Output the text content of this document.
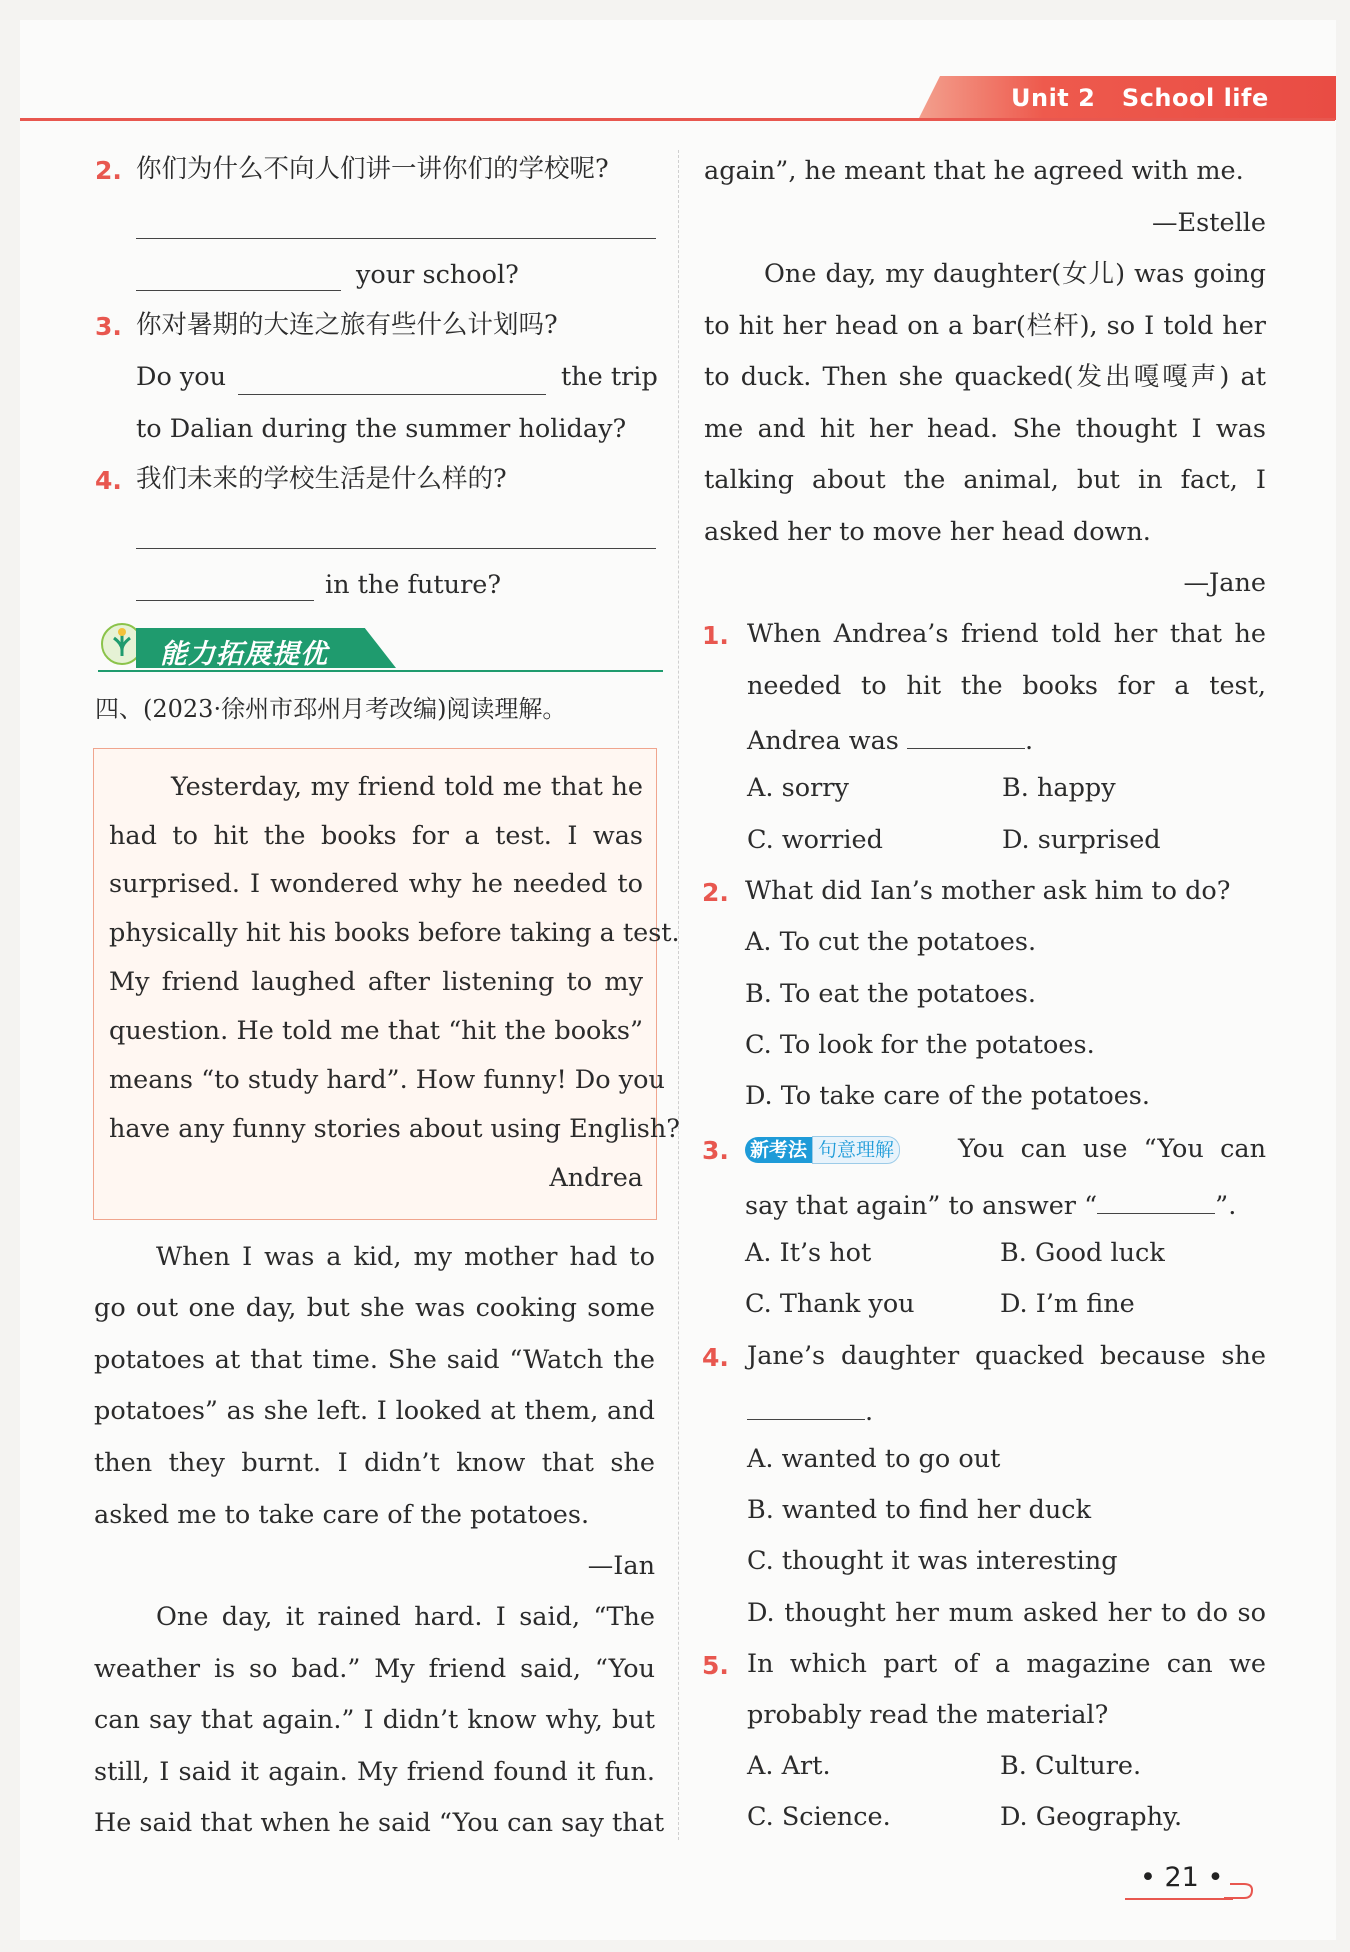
Unit 2 School life
2. 你们为什么不向人们讲一讲你们的学校呢?
your school?
3. 你对暑期的大连之旅有些什么计划吗?
Do you	the trip
to Dalian during the summer holiday?
4. 我们未来的学校生活是什么样的?
in the future?
能力拓展提优
四、(2023·徐州市邳州月考改编)阅读理解。
Yesterday, my friend told me that he
had to hit the books for a test. I was
surprised. I wondered why he needed to
physically hit his books before taking a test.
My friend laughed after listening to my
question. He told me that “hit the books”
means “to study hard”. How funny! Do you
have any funny stories about using English?
Andrea
When I was a kid, my mother had to
go out one day, but she was cooking some
potatoes at that time. She said “Watch the
potatoes” as she left. I looked at them, and
then they burnt. I didn’t know that she
asked me to take care of the potatoes.
—Ian
One day, it rained hard. I said, “The
weather is so bad.” My friend said, “You
can say that again.” I didn’t know why, but
still, I said it again. My friend found it fun.
He said that when he said “You can say that
again”, he meant that he agreed with me.
—Estelle
One day, my daughter(女儿) was going
to hit her head on a bar(栏杆), so I told her
to duck. Then she quacked(发出嘎嘎声) at
me and hit her head. She thought I was
talking about the animal, but in fact, I
asked her to move her head down.
—Jane
1. When Andrea’s friend told her that he
needed to hit the books for a test,
Andrea was	.
A. sorry	B. happy
C. worried	D. surprised
2. What did Ian’s mother ask him to do?
A. To cut the potatoes.
B. To eat the potatoes.
C. To look for the potatoes.
D. To take care of the potatoes.
3. 新考法 句意理解	You can use “You can
say that again” to answer “	”.
A. It’s hot	B. Good luck
C. Thank you	D. I’m fine
4. Jane’s daughter quacked because she
.
A. wanted to go out
B. wanted to find her duck
C. thought it was interesting
D. thought her mum asked her to do so
5. In which part of a magazine can we
probably read the material?
A. Art.	B. Culture.
C. Science.	D. Geography.
• 21 •
